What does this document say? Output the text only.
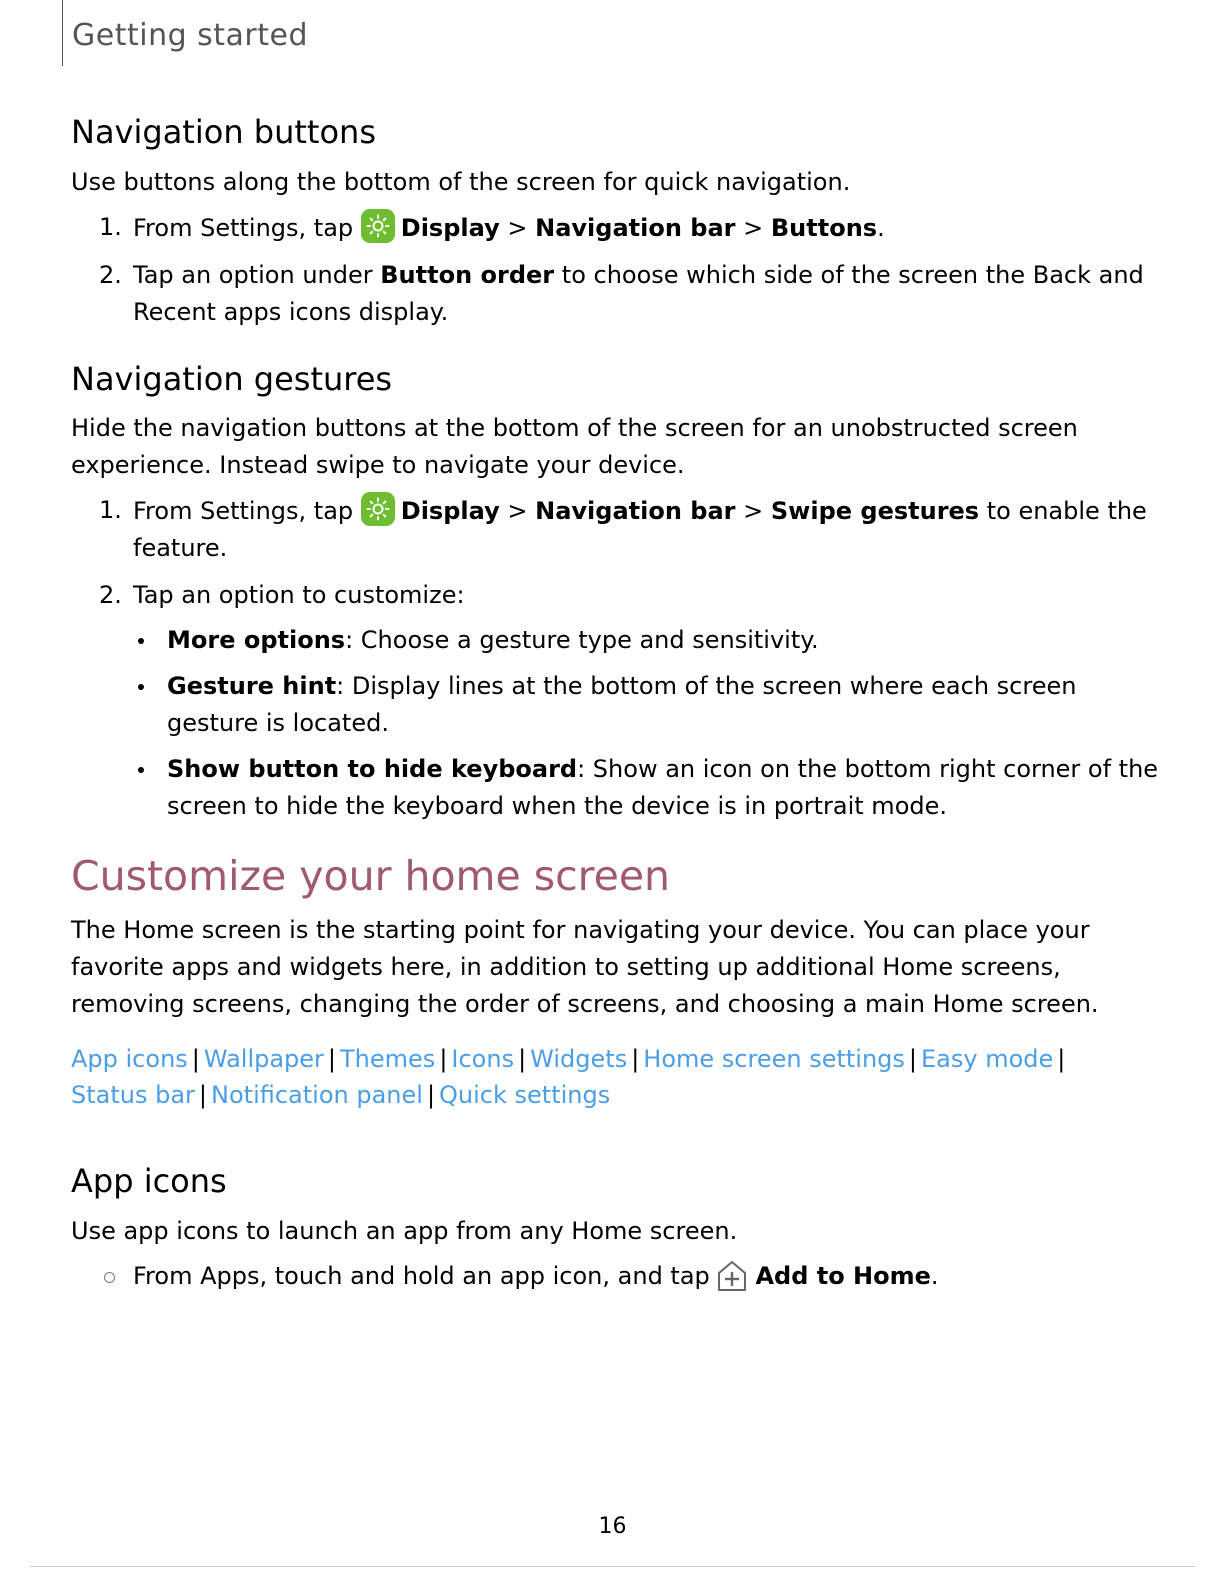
Getting started
Navigation buttons

Use buttons along the bottom of the screen for quick navigation.

1. From Settings, tap Display > Navigation bar > Buttons.
2. Tap an option under Button order to choose which side of the screen the Back and Recent apps icons display.
Navigation gestures

Hide the navigation buttons at the bottom of the screen for an unobstructed screen experience. Instead swipe to navigate your device.

1. From Settings, tap Display > Navigation bar > Swipe gestures to enable the feature.
2. Tap an option to customize:
More options: Choose a gesture type and sensitivity.
Gesture hint: Display lines at the bottom of the screen where each screen gesture is located.
Show button to hide keyboard: Show an icon on the bottom right corner of the screen to hide the keyboard when the device is in portrait mode.
Customize your home screen

The Home screen is the starting point for navigating your device. You can place your favorite apps and widgets here, in addition to setting up additional Home screens, removing screens, changing the order of screens, and choosing a main Home screen.

App icons | Wallpaper | Themes | Icons | Widgets | Home screen settings | Easy mode |
Status bar | Notification panel | Quick settings
App icons

Use app icons to launch an app from any Home screen.

From Apps, touch and hold an app icon, and tap Add to Home.
16
